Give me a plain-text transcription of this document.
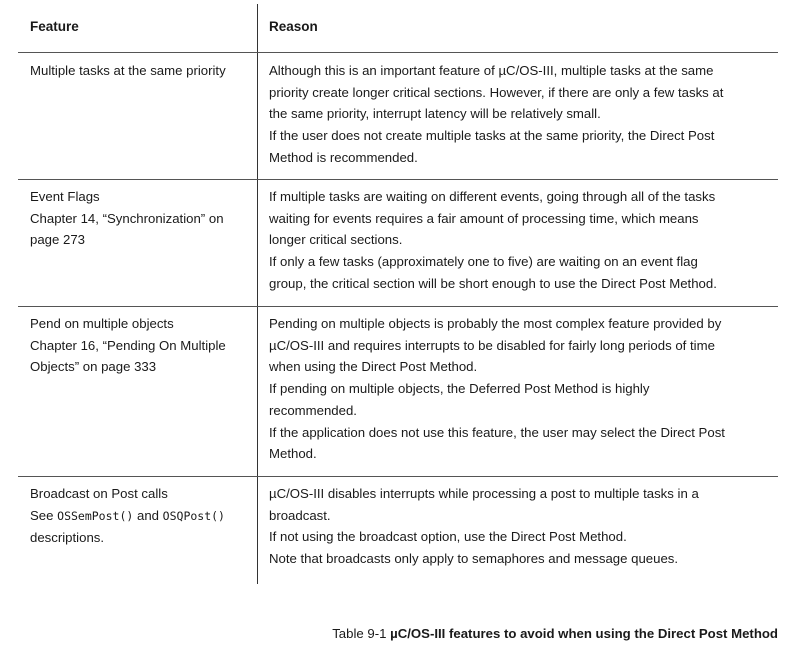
Feature	Reason
Multiple tasks at the same priority	Although this is an important feature of µC/OS-III, multiple tasks at the same
priority create longer critical sections. However, if there are only a few tasks at
the same priority, interrupt latency will be relatively small.
If the user does not create multiple tasks at the same priority, the Direct Post
Method is recommended.
Event Flags
Chapter 14, “Synchronization” on
page 273
If multiple tasks are waiting on different events, going through all of the tasks
waiting for events requires a fair amount of processing time, which means
longer critical sections.
If only a few tasks (approximately one to five) are waiting on an event flag
group, the critical section will be short enough to use the Direct Post Method.
Pend on multiple objects
Chapter 16, “Pending On Multiple
Objects” on page 333
Pending on multiple objects is probably the most complex feature provided by
µC/OS-III and requires interrupts to be disabled for fairly long periods of time
when using the Direct Post Method.
If pending on multiple objects, the Deferred Post Method is highly
recommended.
If the application does not use this feature, the user may select the Direct Post
Method.
Broadcast on Post calls
See OSSemPost() and OSQPost()
descriptions.
µC/OS-III disables interrupts while processing a post to multiple tasks in a
broadcast.
If not using the broadcast option, use the Direct Post Method.
Note that broadcasts only apply to semaphores and message queues.
Table 9-1 µC/OS-III features to avoid when using the Direct Post Method
